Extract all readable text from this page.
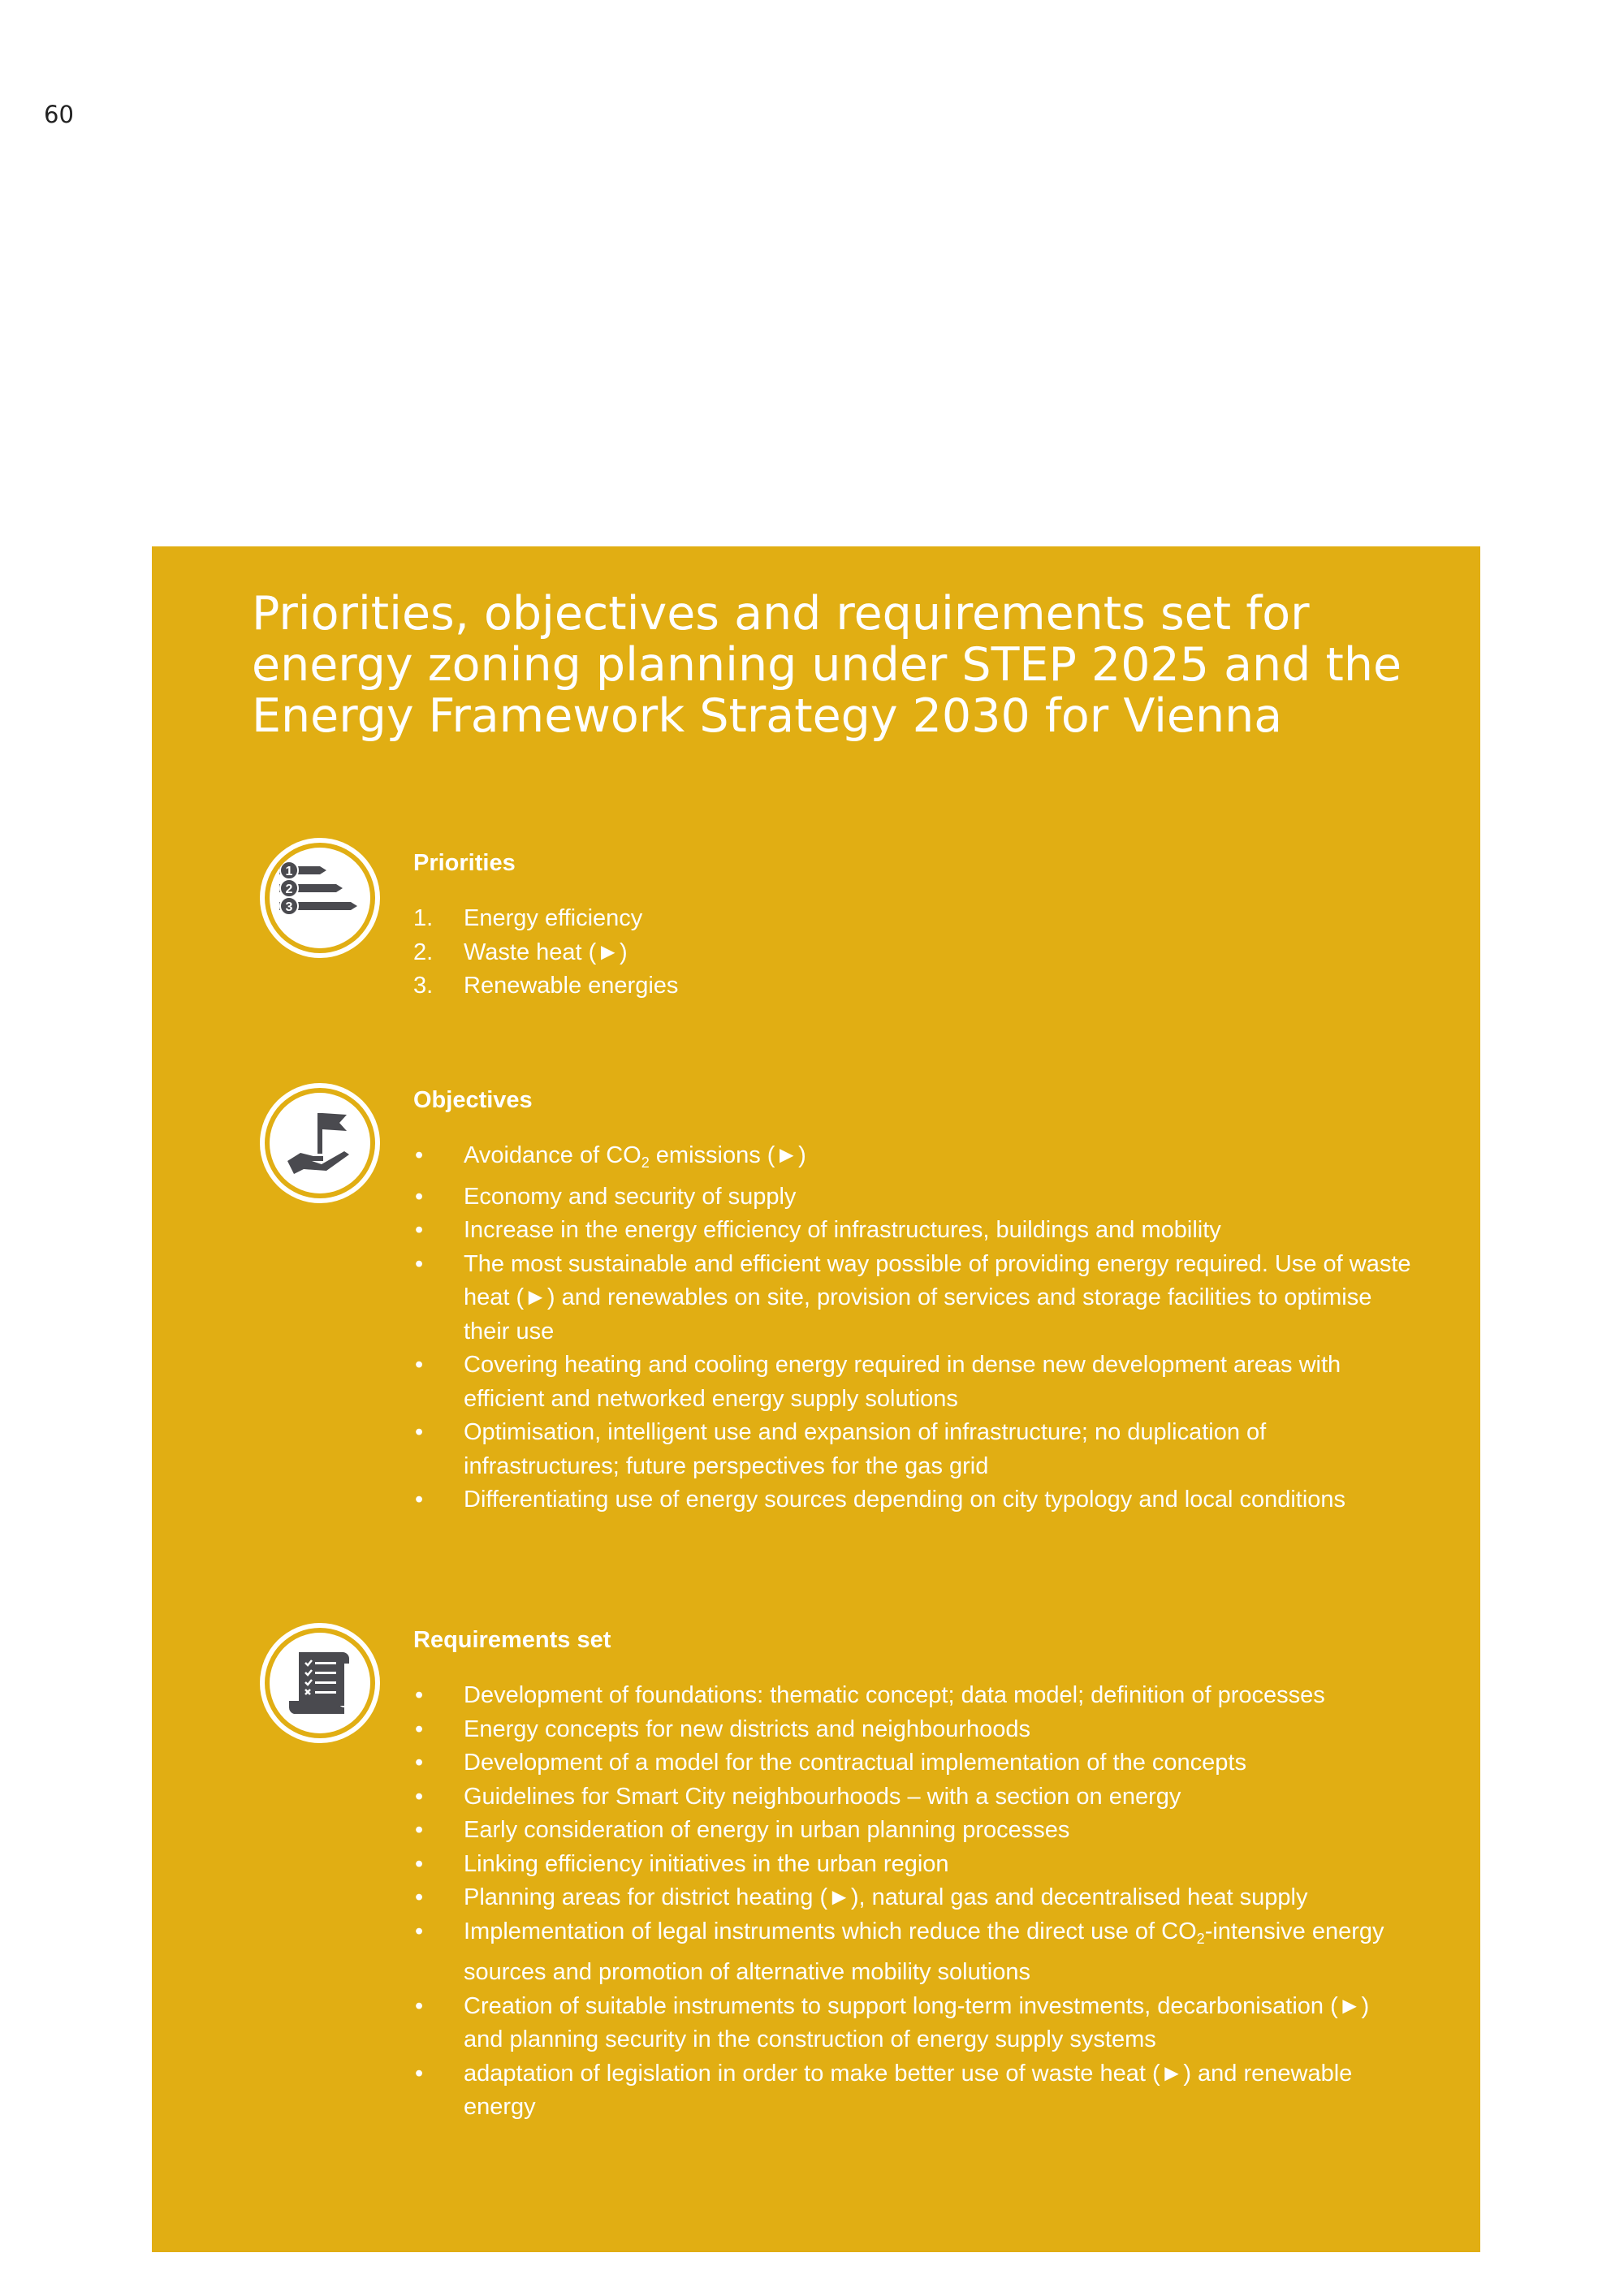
60
Priorities, objectives and requirements set for energy zoning planning under STEP 2025 and the Energy Framework Strategy 2030 for Vienna
1
2
3
Priorities
1. Energy efficiency
2. Waste heat (►)
3. Renewable energies
Objectives
• Avoidance of $CO_2$ emissions (►)
• Economy and security of supply
• Increase in the energy efficiency of infrastructures, buildings and mobility
• The most sustainable and efficient way possible of providing energy required. Use of waste heat (►) and renewables on site, provision of services and storage facilities to optimise their use
• Covering heating and cooling energy required in dense new development areas with efficient and networked energy supply solutions
• Optimisation, intelligent use and expansion of infrastructure; no duplication of infrastructures; future perspectives for the gas grid
• Differentiating use of energy sources depending on city typology and local conditions
Requirements set
• Development of foundations: thematic concept; data model; definition of processes
• Energy concepts for new districts and neighbourhoods
• Development of a model for the contractual implementation of the concepts
• Guidelines for Smart City neighbourhoods – with a section on energy
• Early consideration of energy in urban planning processes
• Linking efficiency initiatives in the urban region
• Planning areas for district heating (►), natural gas and decentralised heat supply
• Implementation of legal instruments which reduce the direct use of $CO_2$-intensive energy sources and promotion of alternative mobility solutions
• Creation of suitable instruments to support long-term investments, decarbonisation (►) and planning security in the construction of energy supply systems
• adaptation of legislation in order to make better use of waste heat (►) and renewable energy
